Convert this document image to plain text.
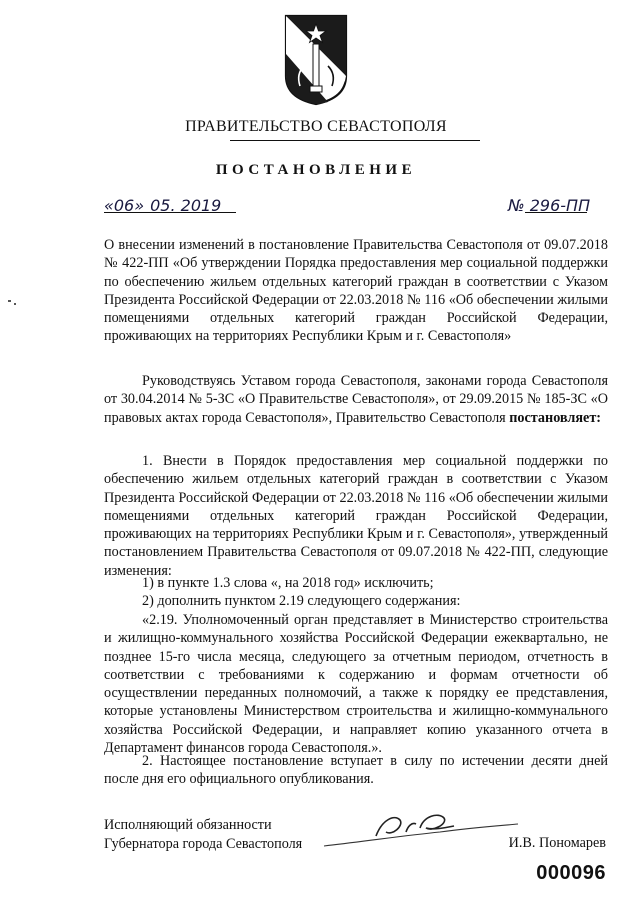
ПРАВИТЕЛЬСТВО СЕВАСТОПОЛЯ
ПОСТАНОВЛЕНИЕ
«06» 05. 2019	№ 296-ПП
О внесении изменений в постановление Правительства Севастополя от 09.07.2018 № 422-ПП «Об утверждении Порядка предоставления мер социальной поддержки по обеспечению жильем отдельных категорий граждан в соответствии с Указом Президента Российской Федерации от 22.03.2018 № 116 «Об обеспечении жилыми помещениями отдельных категорий граждан Российской Федерации, проживающих на территориях Республики Крым и г. Севастополя»
Руководствуясь Уставом города Севастополя, законами города Севастополя от 30.04.2014 № 5-ЗС «О Правительстве Севастополя», от 29.09.2015 № 185-ЗС «О правовых актах города Севастополя», Правительство Севастополя постановляет:
1. Внести в Порядок предоставления мер социальной поддержки по обеспечению жильем отдельных категорий граждан в соответствии с Указом Президента Российской Федерации от 22.03.2018 № 116 «Об обеспечении жилыми помещениями отдельных категорий граждан Российской Федерации, проживающих на территориях Республики Крым и г. Севастополя», утвержденный постановлением Правительства Севастополя от 09.07.2018 № 422-ПП, следующие изменения:
1) в пункте 1.3 слова «, на 2018 год» исключить;
2) дополнить пунктом 2.19 следующего содержания:
«2.19. Уполномоченный орган представляет в Министерство строительства и жилищно-коммунального хозяйства Российской Федерации ежеквартально, не позднее 15-го числа месяца, следующего за отчетным периодом, отчетность в соответствии с требованиями к содержанию и формам отчетности об осуществлении переданных полномочий, а также к порядку ее представления, которые установлены Министерством строительства и жилищно-коммунального хозяйства Российской Федерации, и направляет копию указанного отчета в Департамент финансов города Севастополя.».
2. Настоящее постановление вступает в силу по истечении десяти дней после дня его официального опубликования.
Исполняющий обязанности
Губернатора города Севастополя	И.В. Пономарев
000096
